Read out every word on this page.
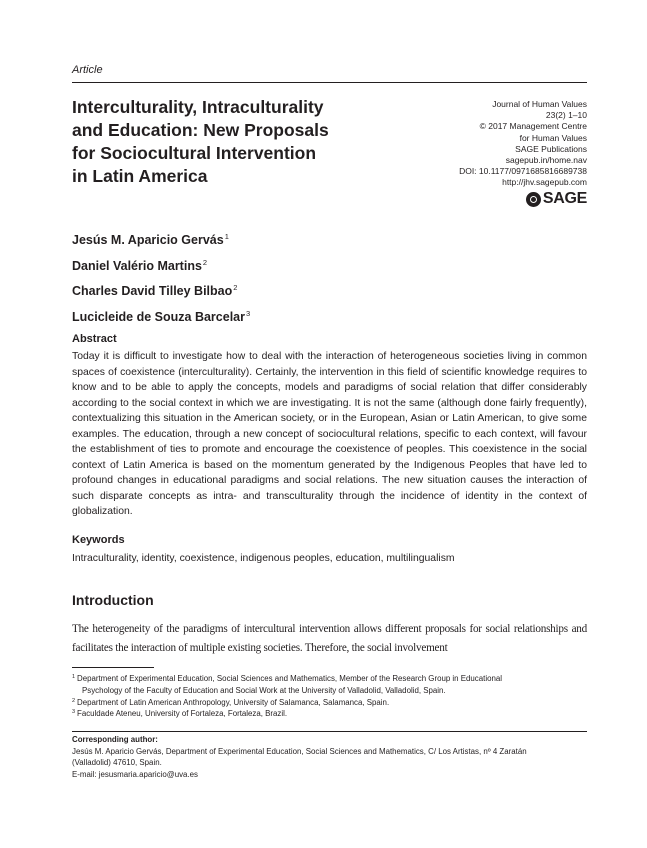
Article
Interculturality, Intraculturality
and Education: New Proposals
for Sociocultural Intervention
in Latin America
Journal of Human Values
23(2) 1–10
© 2017 Management Centre
for Human Values
SAGE Publications
sagepub.in/home.nav
DOI: 10.1177/0971685816689738
http://jhv.sagepub.com
SAGE
Jesús M. Aparicio Gervás$^1$
Daniel Valério Martins$^2$
Charles David Tilley Bilbao$^2$
Lucicleide de Souza Barcelar$^3$
Abstract
Today it is difficult to investigate how to deal with the interaction of heterogeneous societies living in common spaces of coexistence (interculturality). Certainly, the intervention in this field of scientific knowledge requires to know and to be able to apply the concepts, models and paradigms of social relation that differ considerably according to the social context in which we are investigating. It is not the same (although done fairly frequently), contextualizing this situation in the American society, or in the European, Asian or Latin American, to give some examples. The education, through a new concept of sociocultural relations, specific to each context, will favour the establishment of ties to promote and encourage the coexistence of peoples. This coexistence in the social context of Latin America is based on the momentum generated by the Indigenous Peoples that have led to profound changes in educational paradigms and social relations. The new situation causes the interaction of such disparate concepts as intra- and transculturality through the incidence of identity in the context of globalization.
Keywords
Intraculturality, identity, coexistence, indigenous peoples, education, multilingualism
Introduction
The heterogeneity of the paradigms of intercultural intervention allows different proposals for social relationships and facilitates the interaction of multiple existing societies. Therefore, the social involvement
1 Department of Experimental Education, Social Sciences and Mathematics, Member of the Research Group in Educational
Psychology of the Faculty of Education and Social Work at the University of Valladolid, Valladolid, Spain.
2 Department of Latin American Anthropology, University of Salamanca, Salamanca, Spain.
3 Faculdade Ateneu, University of Fortaleza, Fortaleza, Brazil.
Corresponding author:
Jesús M. Aparicio Gervás, Department of Experimental Education, Social Sciences and Mathematics, C/ Los Artistas, nº 4 Zaratán
(Valladolid) 47610, Spain.
E-mail: jesusmaria.aparicio@uva.es
